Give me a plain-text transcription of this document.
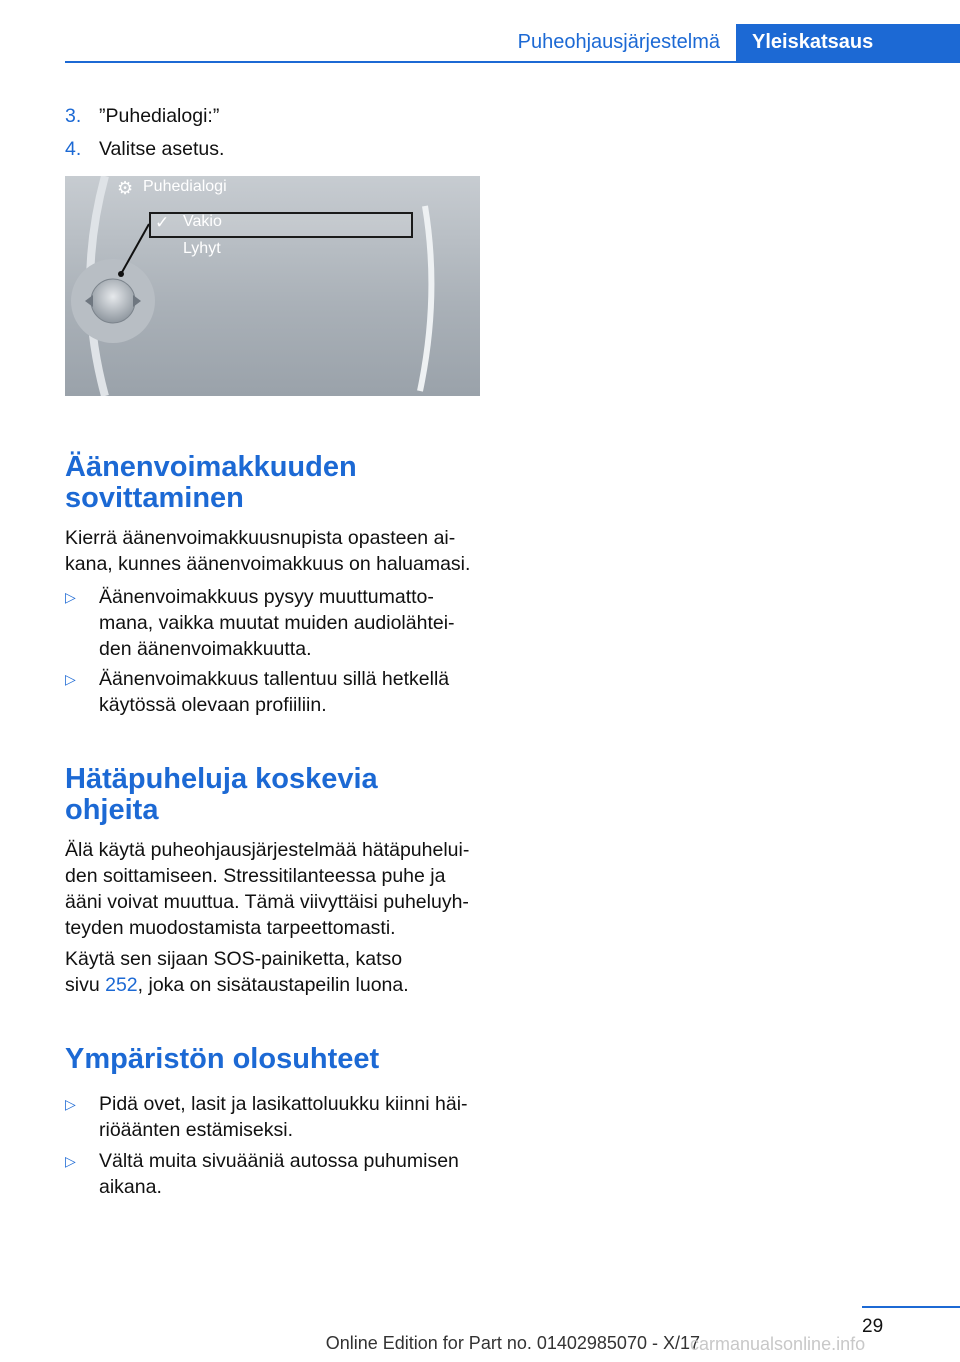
Puheohjausjärjestelmä	Yleiskatsaus
3. ”Puhedialogi:”
4. Valitse asetus.
⚙ Puhedialogi
✓ Vakio
Lyhyt
Äänenvoimakkuuden
sovittaminen
Kierrä äänenvoimakkuusnupista opasteen ai-
kana, kunnes äänenvoimakkuus on haluamasi.
▷ Äänenvoimakkuus pysyy muuttumatto-
mana, vaikka muutat muiden audiolähtei-
den äänenvoimakkuutta.
▷ Äänenvoimakkuus tallentuu sillä hetkellä
käytössä olevaan profiiliin.
Hätäpuheluja koskevia
ohjeita
Älä käytä puheohjausjärjestelmää hätäpuhelui-
den soittamiseen. Stressitilanteessa puhe ja
ääni voivat muuttua. Tämä viivyttäisi puheluyh-
teyden muodostamista tarpeettomasti.
Käytä sen sijaan SOS-painiketta, katso
sivu 252, joka on sisätaustapeilin luona.
Ympäristön olosuhteet
▷ Pidä ovet, lasit ja lasikattoluukku kiinni häi-
riöäänten estämiseksi.
▷ Vältä muita sivuääniä autossa puhumisen
aikana.
29
Online Edition for Part no. 01402985070 - X/17
carmanualsonline.info
